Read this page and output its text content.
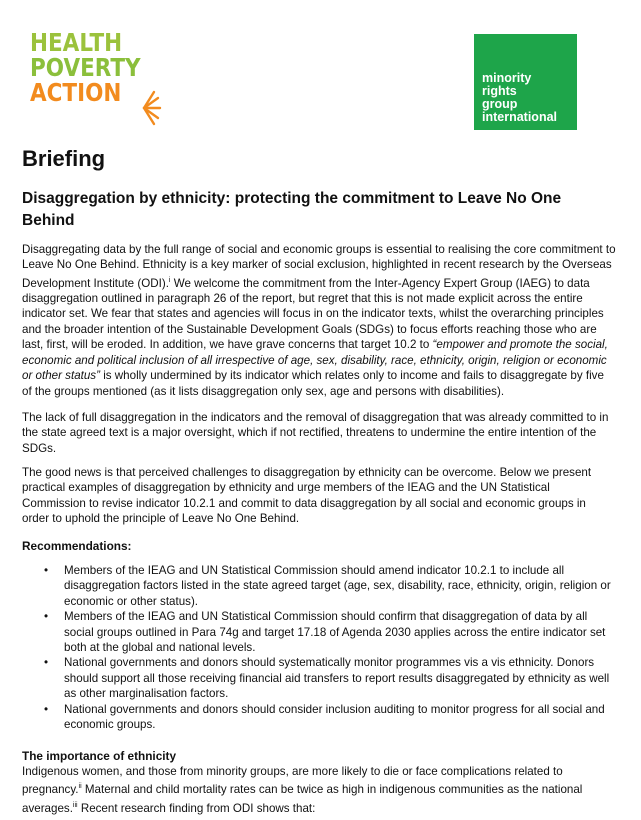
HEALTH
POVERTY
ACTION	minority
rights
group
international
Briefing
Disaggregation by ethnicity: protecting the commitment to Leave No One Behind
Disaggregating data by the full range of social and economic groups is essential to realising the core commitment to Leave No One Behind. Ethnicity is a key marker of social exclusion, highlighted in recent research by the Overseas Development Institute (ODI).$^i$ We welcome the commitment from the Inter-Agency Expert Group (IAEG) to data disaggregation outlined in paragraph 26 of the report, but regret that this is not made explicit across the entire indicator set. We fear that states and agencies will focus in on the indicator texts, whilst the overarching principles and the broader intention of the Sustainable Development Goals (SDGs) to focus efforts reaching those who are last, first, will be eroded. In addition, we have grave concerns that target 10.2 to “empower and promote the social, economic and political inclusion of all irrespective of age, sex, disability, race, ethnicity, origin, religion or economic or other status” is wholly undermined by its indicator which relates only to income and fails to disaggregate by five of the groups mentioned (as it lists disaggregation only sex, age and persons with disabilities).
The lack of full disaggregation in the indicators and the removal of disaggregation that was already committed to in the state agreed text is a major oversight, which if not rectified, threatens to undermine the entire intention of the SDGs.
The good news is that perceived challenges to disaggregation by ethnicity can be overcome. Below we present practical examples of disaggregation by ethnicity and urge members of the IEAG and the UN Statistical Commission to revise indicator 10.2.1 and commit to data disaggregation by all social and economic groups in order to uphold the principle of Leave No One Behind.
Recommendations:
• Members of the IEAG and UN Statistical Commission should amend indicator 10.2.1 to include all disaggregation factors listed in the state agreed target (age, sex, disability, race, ethnicity, origin, religion or economic or other status).
• Members of the IEAG and UN Statistical Commission should confirm that disaggregation of data by all social groups outlined in Para 74g and target 17.18 of Agenda 2030 applies across the entire indicator set both at the global and national levels.
• National governments and donors should systematically monitor programmes vis a vis ethnicity. Donors should support all those receiving financial aid transfers to report results disaggregated by ethnicity as well as other marginalisation factors.
• National governments and donors should consider inclusion auditing to monitor progress for all social and economic groups.
The importance of ethnicity
Indigenous women, and those from minority groups, are more likely to die or face complications related to pregnancy.$^{ii}$ Maternal and child mortality rates can be twice as high in indigenous communities as the national averages.$^{iii}$ Recent research finding from ODI shows that:
